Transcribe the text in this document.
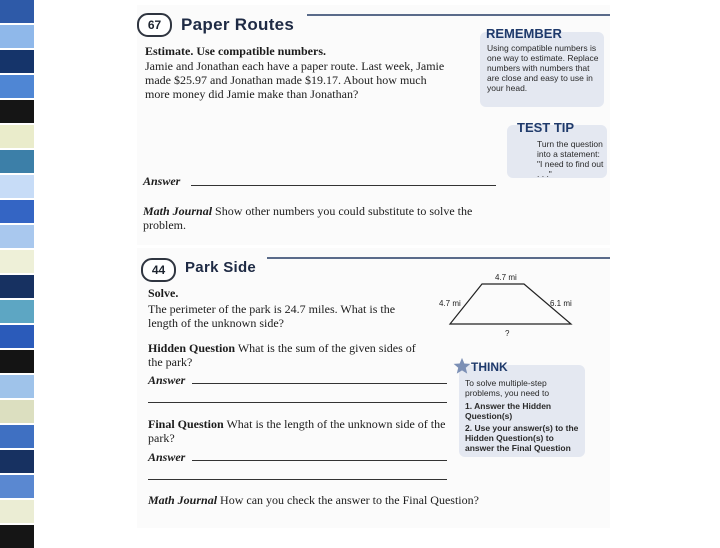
67	Paper Routes
Estimate. Use compatible numbers.
Jamie and Jonathan each have a paper route. Last week, Jamie made $25.97 and Jonathan made $19.17. About how much more money did Jamie make than Jonathan?
Answer
Math Journal Show other numbers you could substitute to solve the problem.
REMEMBER
Using compatible numbers is one way to estimate. Replace numbers with numbers that are close and easy to use in your head.
TEST TIP
Turn the question into a statement: "I need to find out . . ."
44	Park Side
Solve.
The perimeter of the park is 24.7 miles. What is the length of the unknown side?
Hidden Question What is the sum of the given sides of the park?
Answer
Final Question What is the length of the unknown side of the park?
Answer
Math Journal How can you check the answer to the Final Question?
4.7 mi
4.7 mi	6.1 mi
?
THINK
To solve multiple-step problems, you need to
1. Answer the Hidden Question(s)
2. Use your answer(s) to the Hidden Question(s) to answer the Final Question
